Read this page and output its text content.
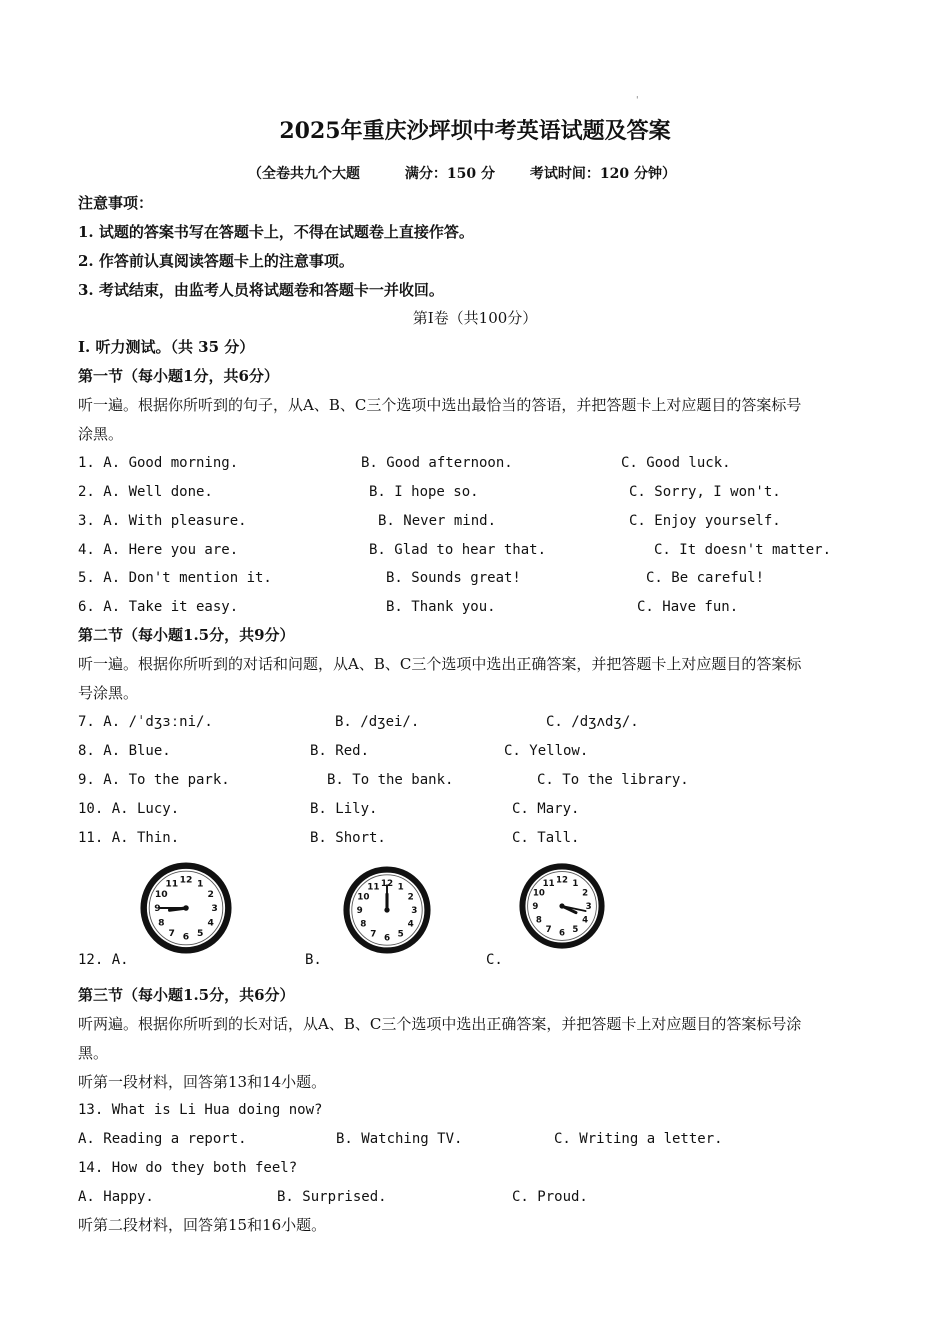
'
2025年重庆沙坪坝中考英语试题及答案
（全卷共九个大题	满分：150 分 考试时间：120 分钟）
注意事项：
1. 试题的答案书写在答题卡上，不得在试题卷上直接作答。
2. 作答前认真阅读答题卡上的注意事项。
3. 考试结束，由监考人员将试题卷和答题卡一并收回。
第Ⅰ卷（共100分）
I. 听力测试。（共 35 分）
第一节（每小题1分，共6分）
听一遍。根据你所听到的句子，从A、B、C三个选项中选出最恰当的答语，并把答题卡上对应题目的答案标号
涂黑。
1. A. Good morning.	B. Good afternoon.	C. Good luck.
2. A. Well done.	B. I hope so.	C. Sorry, I won't.
3. A. With pleasure.	B. Never mind.	C. Enjoy yourself.
4. A. Here you are.	B. Glad to hear that.	C. It doesn't matter.
5. A. Don't mention it.	B. Sounds great!	C. Be careful!
6. A. Take it easy.	B. Thank you.	C. Have fun.
第二节（每小题1.5分，共9分）
听一遍。根据你所听到的对话和问题，从A、B、C三个选项中选出正确答案，并把答题卡上对应题目的答案标
号涂黑。
7. A. /ˈdʒɜːni/.	B. /dʒei/.	C. /dʒʌdʒ/.
8. A. Blue.	B. Red.	C. Yellow.
9. A. To the park.	B. To the bank.	C. To the library.
10. A. Lucy.	B. Lily.	C. Mary.
11. A. Thin.	B. Short.	C. Tall.
1
2
3
4
5
6
7
8
9
10
11 12
1
2
3
4
5
6
7
8
9
10
11 12	1
2
3
4
5
6
7
8
9
10
11 12
12. A.	B.	C.
第三节（每小题1.5分，共6分）
听两遍。根据你所听到的长对话，从A、B、C三个选项中选出正确答案，并把答题卡上对应题目的答案标号涂
黑。
听第一段材料，回答第13和14小题。
13. What is Li Hua doing now?
A. Reading a report.	B. Watching TV.	C. Writing a letter.
14. How do they both feel?
A. Happy.	B. Surprised.	C. Proud.
听第二段材料，回答第15和16小题。
